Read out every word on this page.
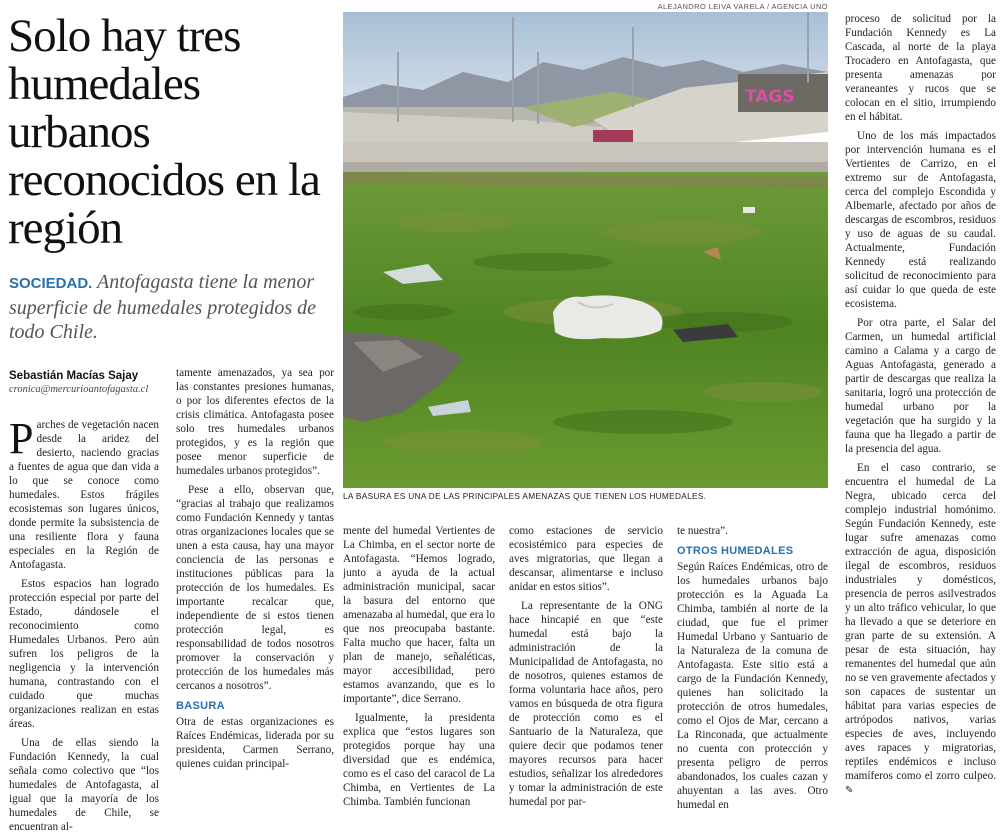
Solo hay tres humedales urbanos reconocidos en la región
SOCIEDAD. Antofagasta tiene la menor superficie de humedales protegidos de todo Chile.
Sebastián Macías Sajay
cronica@mercurioantofagasta.cl
ALEJANDRO LEIVA VARELA / AGENCIA UNO
TAGS
LA BASURA ES UNA DE LAS PRINCIPALES AMENAZAS QUE TIENEN LOS HUMEDALES.

Parches de vegetación nacen desde la aridez del desierto, naciendo gracias a fuentes de agua que dan vida a lo que se conoce como humedales. Estos frágiles ecosistemas son lugares únicos, donde permite la subsistencia de una resiliente flora y fauna especiales en la Región de Antofagasta.

Estos espacios han logrado protección especial por parte del Estado, dándosele el reconocimiento como Humedales Urbanos. Pero aún sufren los peligros de la negligencia y la intervención humana, contrastando con el cuidado que muchas organizaciones realizan en estas áreas.

Una de ellas siendo la Fundación Kennedy, la cual señala como colectivo que “los humedales de Antofagasta, al igual que la mayoría de los humedales de Chile, se encuentran al-

tamente amenazados, ya sea por las constantes presiones humanas, o por los diferentes efectos de la crisis climática. Antofagasta posee solo tres humedales urbanos protegidos, y es la región que posee menor superficie de humedales urbanos protegidos”.

Pese a ello, observan que, “gracias al trabajo que realizamos como Fundación Kennedy y tantas otras organizaciones locales que se unen a esta causa, hay una mayor conciencia de las personas e instituciones públicas para la protección de los humedales. Es importante recalcar que, independiente de si estos tienen protección legal, es responsabilidad de todos nosotros promover la conservación y protección de los humedales más cercanos a nosotros”.

BASURA

Otra de estas organizaciones es Raíces Endémicas, liderada por su presidenta, Carmen Serrano, quienes cuidan principal-

mente del humedal Vertientes de La Chimba, en el sector norte de Antofagasta. “Hemos logrado, junto a ayuda de la actual administración municipal, sacar la basura del entorno que amenazaba al humedal, que era lo que nos preocupaba bastante. Falta mucho que hacer, falta un plan de manejo, señaléticas, mayor accesibilidad, pero estamos avanzando, que es lo importante”, dice Serrano.

Igualmente, la presidenta explica que “estos lugares son protegidos porque hay una diversidad que es endémica, como es el caso del caracol de La Chimba, en Vertientes de La Chimba. También funcionan

como estaciones de servicio ecosistémico para especies de aves migratorias, que llegan a descansar, alimentarse e incluso anidar en estos sitios”.

La representante de la ONG hace hincapié en que “este humedal está bajo la administración de la Municipalidad de Antofagasta, no de nosotros, quienes estamos de forma voluntaria hace años, pero vamos en búsqueda de otra figura de protección como es el Santuario de la Naturaleza, que quiere decir que podamos tener mayores recursos para hacer estudios, señalizar los alrededores y tomar la administración de este humedal por par-

te nuestra”.

OTROS HUMEDALES

Según Raíces Endémicas, otro de los humedales urbanos bajo protección es la Aguada La Chimba, también al norte de la ciudad, que fue el primer Humedal Urbano y Santuario de la Naturaleza de la comuna de Antofagasta. Este sitio está a cargo de la Fundación Kennedy, quienes han solicitado la protección de otros humedales, como el Ojos de Mar, cercano a La Rinconada, que actualmente no cuenta con protección y presenta peligro de perros abandonados, los cuales cazan y ahuyentan a las aves. Otro humedal en

proceso de solicitud por la Fundación Kennedy es La Cascada, al norte de la playa Trocadero en Antofagasta, que presenta amenazas por veraneantes y rucos que se colocan en el sitio, irrumpiendo en el hábitat.

Uno de los más impactados por intervención humana es el Vertientes de Carrizo, en el extremo sur de Antofagasta, cerca del complejo Escondida y Albemarle, afectado por años de descargas de escombros, residuos y uso de aguas de su caudal. Actualmente, Fundación Kennedy está realizando solicitud de reconocimiento para así cuidar lo que queda de este ecosistema.

Por otra parte, el Salar del Carmen, un humedal artificial camino a Calama y a cargo de Aguas Antofagasta, generado a partir de descargas que realiza la sanitaria, logró una protección de humedal urbano por la vegetación que ha surgido y la fauna que ha llegado a partir de la presencia del agua.

En el caso contrario, se encuentra el humedal de La Negra, ubicado cerca del complejo industrial homónimo. Según Fundación Kennedy, este lugar sufre amenazas como extracción de agua, disposición ilegal de escombros, residuos industriales y domésticos, presencia de perros asilvestrados y un alto tráfico vehicular, lo que ha llevado a que se deteriore en gran parte de su extensión. A pesar de esta situación, hay remanentes del humedal que aún no se ven gravemente afectados y son capaces de sustentar un hábitat para varias especies de artrópodos nativos, varias especies de aves, incluyendo aves rapaces y migratorias, reptiles endémicos e incluso mamíferos como el zorro culpeo. ✎
